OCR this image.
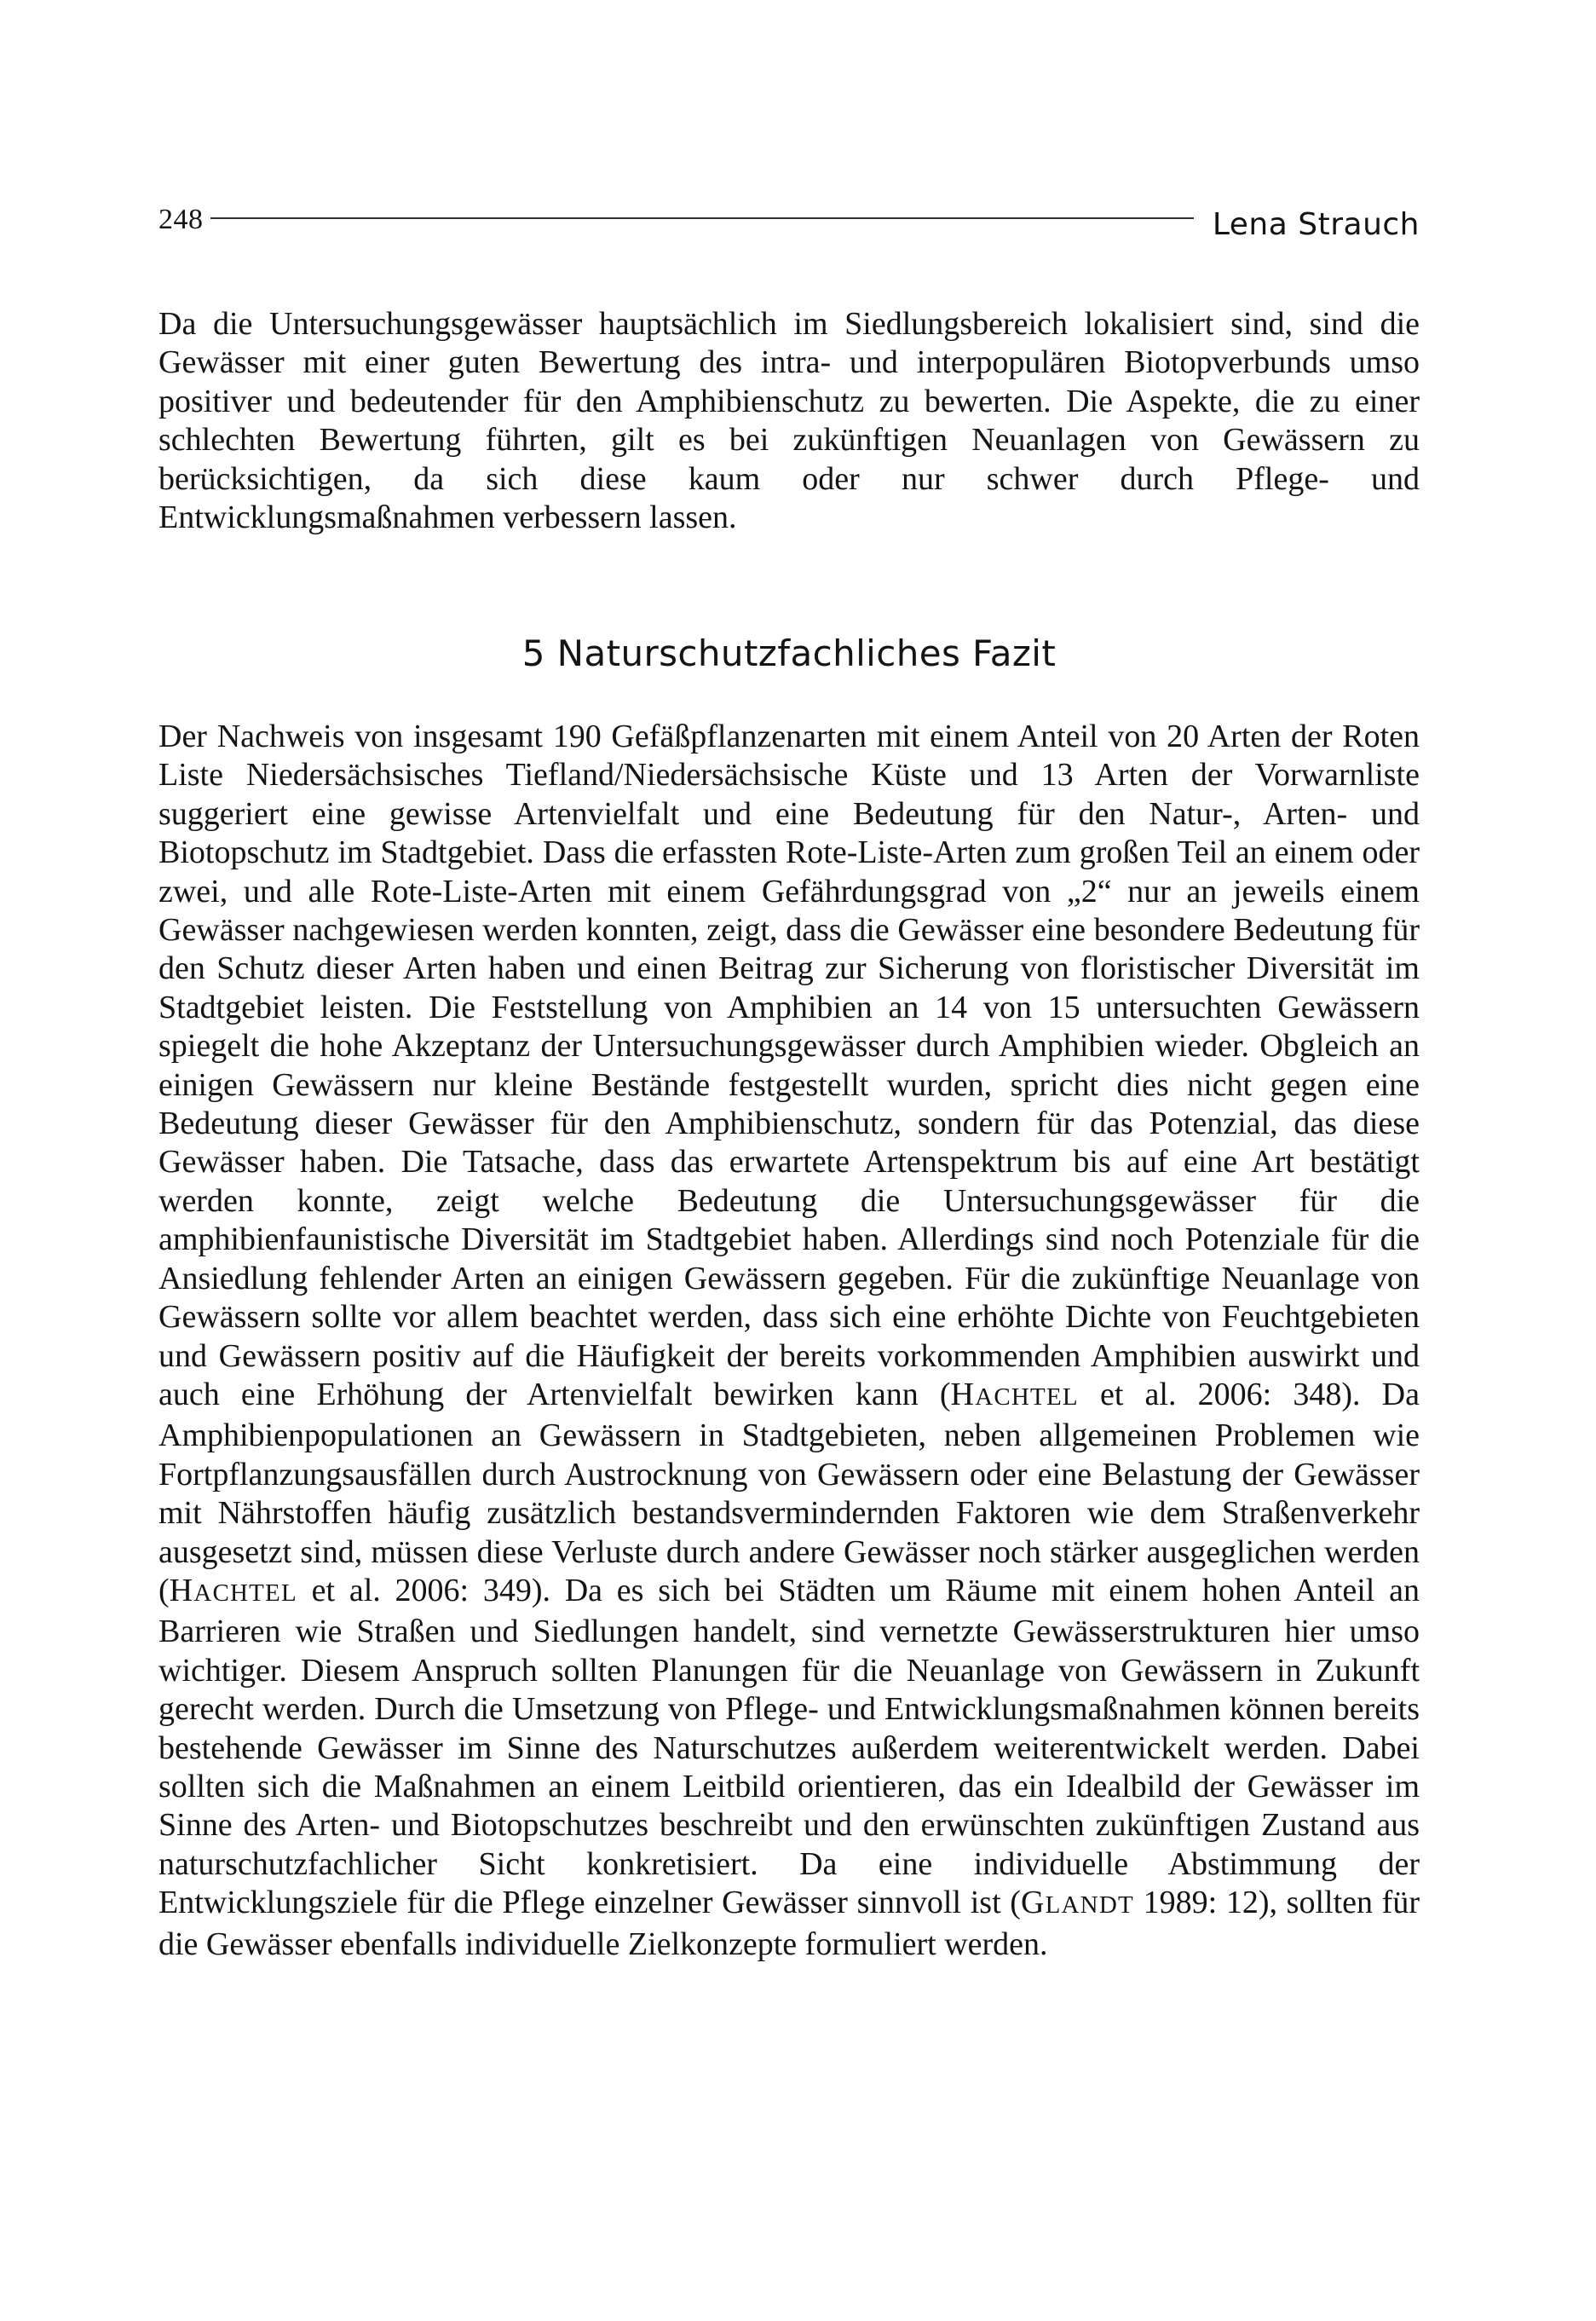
248	Lena Strauch

Da die Untersuchungsgewässer hauptsächlich im Siedlungsbereich lokalisiert sind, sind die Gewässer mit einer guten Bewertung des intra- und interpopulären Biotopverbunds umso positiver und bedeutender für den Amphibienschutz zu bewerten. Die Aspekte, die zu einer schlechten Bewertung führten, gilt es bei zukünftigen Neuanlagen von Gewässern zu berücksichtigen, da sich diese kaum oder nur schwer durch Pflege- und Entwicklungsmaßnahmen verbessern lassen.

5 Naturschutzfachliches Fazit

Der Nachweis von insgesamt 190 Gefäßpflanzenarten mit einem Anteil von 20 Arten der Roten Liste Niedersächsisches Tiefland/Niedersächsische Küste und 13 Arten der Vorwarnliste suggeriert eine gewisse Artenvielfalt und eine Bedeutung für den Natur-, Arten- und Biotopschutz im Stadtgebiet. Dass die erfassten Rote-Liste-Arten zum großen Teil an einem oder zwei, und alle Rote-Liste-Arten mit einem Gefährdungsgrad von „2“ nur an jeweils einem Gewässer nachgewiesen werden konnten, zeigt, dass die Gewässer eine besondere Bedeutung für den Schutz dieser Arten haben und einen Beitrag zur Sicherung von floristischer Diversität im Stadtgebiet leisten. Die Feststellung von Amphibien an 14 von 15 untersuchten Gewässern spiegelt die hohe Akzeptanz der Untersuchungsgewässer durch Amphibien wieder. Obgleich an einigen Gewässern nur kleine Bestände festgestellt wurden, spricht dies nicht gegen eine Bedeutung dieser Gewässer für den Amphibienschutz, sondern für das Potenzial, das diese Gewässer haben. Die Tatsache, dass das erwartete Artenspektrum bis auf eine Art bestätigt werden konnte, zeigt welche Bedeutung die Untersuchungsgewässer für die amphibienfaunistische Diversität im Stadtgebiet haben. Allerdings sind noch Potenziale für die Ansiedlung fehlender Arten an einigen Gewässern gegeben. Für die zukünftige Neuanlage von Gewässern sollte vor allem beachtet werden, dass sich eine erhöhte Dichte von Feuchtgebieten und Gewässern positiv auf die Häufigkeit der bereits vorkommenden Amphibien auswirkt und auch eine Erhöhung der Artenvielfalt bewirken kann (HACHTEL et al. 2006: 348). Da Amphibienpopulationen an Gewässern in Stadtgebieten, neben allgemeinen Problemen wie Fortpflanzungsausfällen durch Austrocknung von Gewässern oder eine Belastung der Gewässer mit Nährstoffen häufig zusätzlich bestandsvermindernden Faktoren wie dem Straßenverkehr ausgesetzt sind, müssen diese Verluste durch andere Gewässer noch stärker ausgeglichen werden (HACHTEL et al. 2006: 349). Da es sich bei Städten um Räume mit einem hohen Anteil an Barrieren wie Straßen und Siedlungen handelt, sind vernetzte Gewässerstrukturen hier umso wichtiger. Diesem Anspruch sollten Planungen für die Neuanlage von Gewässern in Zukunft gerecht werden. Durch die Umsetzung von Pflege- und Entwicklungsmaßnahmen können bereits bestehende Gewässer im Sinne des Naturschutzes außerdem weiterentwickelt werden. Dabei sollten sich die Maßnahmen an einem Leitbild orientieren, das ein Idealbild der Gewässer im Sinne des Arten- und Biotopschutzes beschreibt und den erwünschten zukünftigen Zustand aus naturschutzfachlicher Sicht konkretisiert. Da eine individuelle Abstimmung der Entwicklungsziele für die Pflege einzelner Gewässer sinnvoll ist (GLANDT 1989: 12), sollten für die Gewässer ebenfalls individuelle Zielkonzepte formuliert werden.
